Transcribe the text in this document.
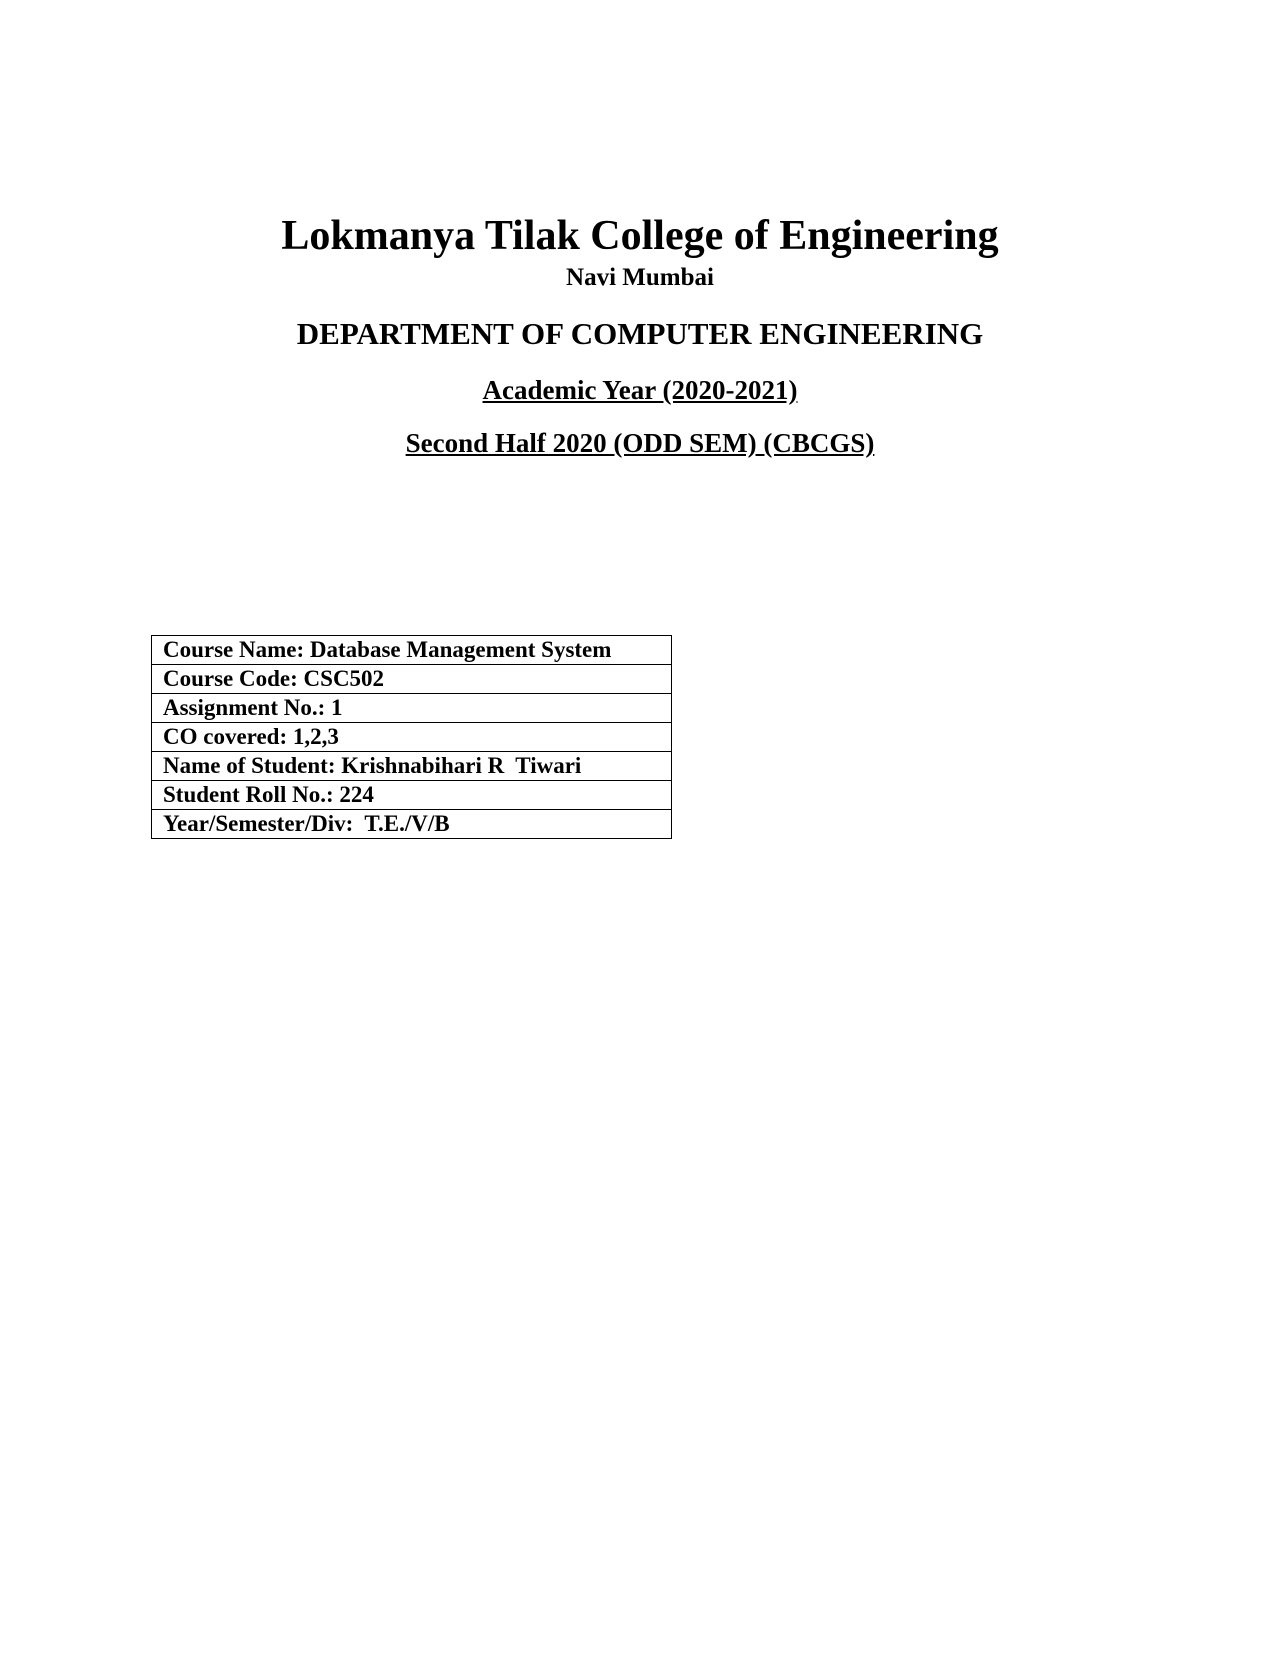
Lokmanya Tilak College of Engineering
Navi Mumbai
DEPARTMENT OF COMPUTER ENGINEERING
Academic Year (2020-2021)
Second Half 2020 (ODD SEM) (CBCGS)
Course Name: Database Management System
Course Code: CSC502
Assignment No.: 1
CO covered: 1,2,3
Name of Student: Krishnabihari R  Tiwari
Student Roll No.: 224
Year/Semester/Div:  T.E./V/B
